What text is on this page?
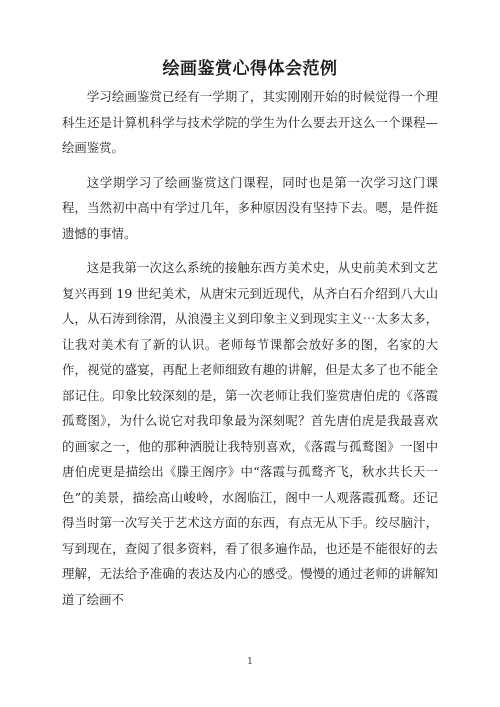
绘画鉴赏心得体会范例

学习绘画鉴赏已经有一学期了，其实刚刚开始的时候觉得一个理科生还是计算机科学与技术学院的学生为什么要去开这么一个课程—绘画鉴赏。

这学期学习了绘画鉴赏这门课程，同时也是第一次学习这门课程，当然初中高中有学过几年，多种原因没有坚持下去。嗯，是件挺遗憾的事情。

这是我第一次这么系统的接触东西方美术史，从史前美术到文艺复兴再到 19 世纪美术，从唐宋元到近现代，从齐白石介绍到八大山人，从石涛到徐渭，从浪漫主义到印象主义到现实主义⋯太多太多，让我对美术有了新的认识。老师每节课都会放好多的图，名家的大作，视觉的盛宴，再配上老师细致有趣的讲解，但是太多了也不能全部记住。印象比较深刻的是，第一次老师让我们鉴赏唐伯虎的《落霞孤鹜图》，为什么说它对我印象最为深刻呢？首先唐伯虎是我最喜欢的画家之一，他的那种洒脱让我特别喜欢，《落霞与孤鹜图》一图中唐伯虎更是描绘出《滕王阁序》中“落霞与孤鹜齐飞，秋水共长天一色”的美景，描绘高山峻岭，水阁临江，阁中一人观落霞孤鹜。还记得当时第一次写关于艺术这方面的东西，有点无从下手。绞尽脑汁，写到现在，查阅了很多资料，看了很多遍作品，也还是不能很好的去理解，无法给予准确的表达及内心的感受。慢慢的通过老师的讲解知道了绘画不

1
